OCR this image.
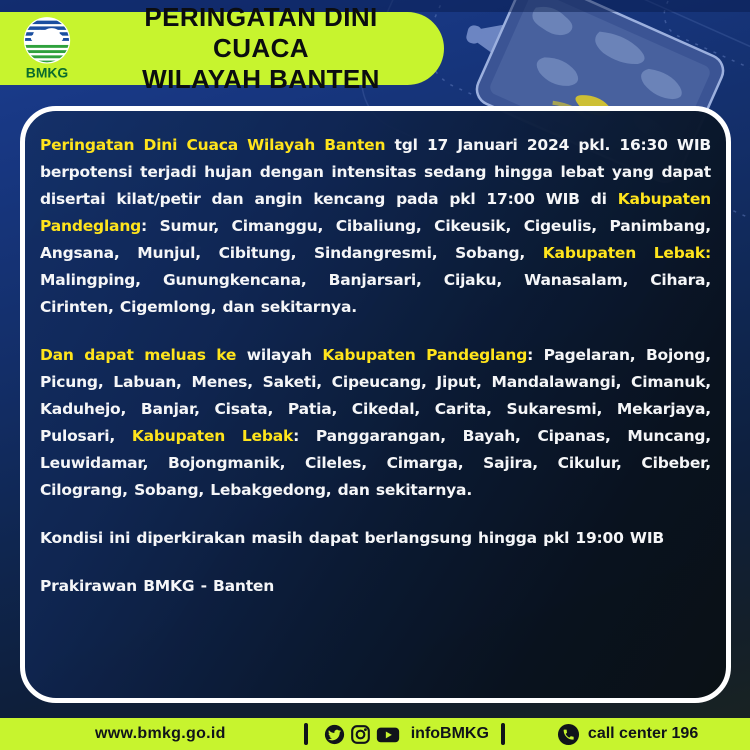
BMKG
PERINGATAN DINI CUACA
WILAYAH BANTEN

Peringatan Dini Cuaca Wilayah Banten tgl 17 Januari 2024 pkl. 16:30 WIB berpotensi terjadi hujan dengan intensitas sedang hingga lebat yang dapat disertai kilat/petir dan angin kencang pada pkl 17:00 WIB di Kabupaten Pandeglang: Sumur, Cimanggu, Cibaliung, Cikeusik, Cigeulis, Panimbang, Angsana, Munjul, Cibitung, Sindangresmi, Sobang, Kabupaten Lebak: Malingping, Gunungkencana, Banjarsari, Cijaku, Wanasalam, Cihara, Cirinten, Cigemlong, dan sekitarnya.

Dan dapat meluas ke wilayah Kabupaten Pandeglang: Pagelaran, Bojong, Picung, Labuan, Menes, Saketi, Cipeucang, Jiput, Mandalawangi, Cimanuk, Kaduhejo, Banjar, Cisata, Patia, Cikedal, Carita, Sukaresmi, Mekarjaya, Pulosari, Kabupaten Lebak: Panggarangan, Bayah, Cipanas, Muncang, Leuwidamar, Bojongmanik, Cileles, Cimarga, Sajira, Cikulur, Cibeber, Cilograng, Sobang, Lebakgedong, dan sekitarnya.

Kondisi ini diperkirakan masih dapat berlangsung hingga pkl 19:00 WIB

Prakirawan BMKG - Banten

www.bmkg.go.id	infoBMKG	call center 196
